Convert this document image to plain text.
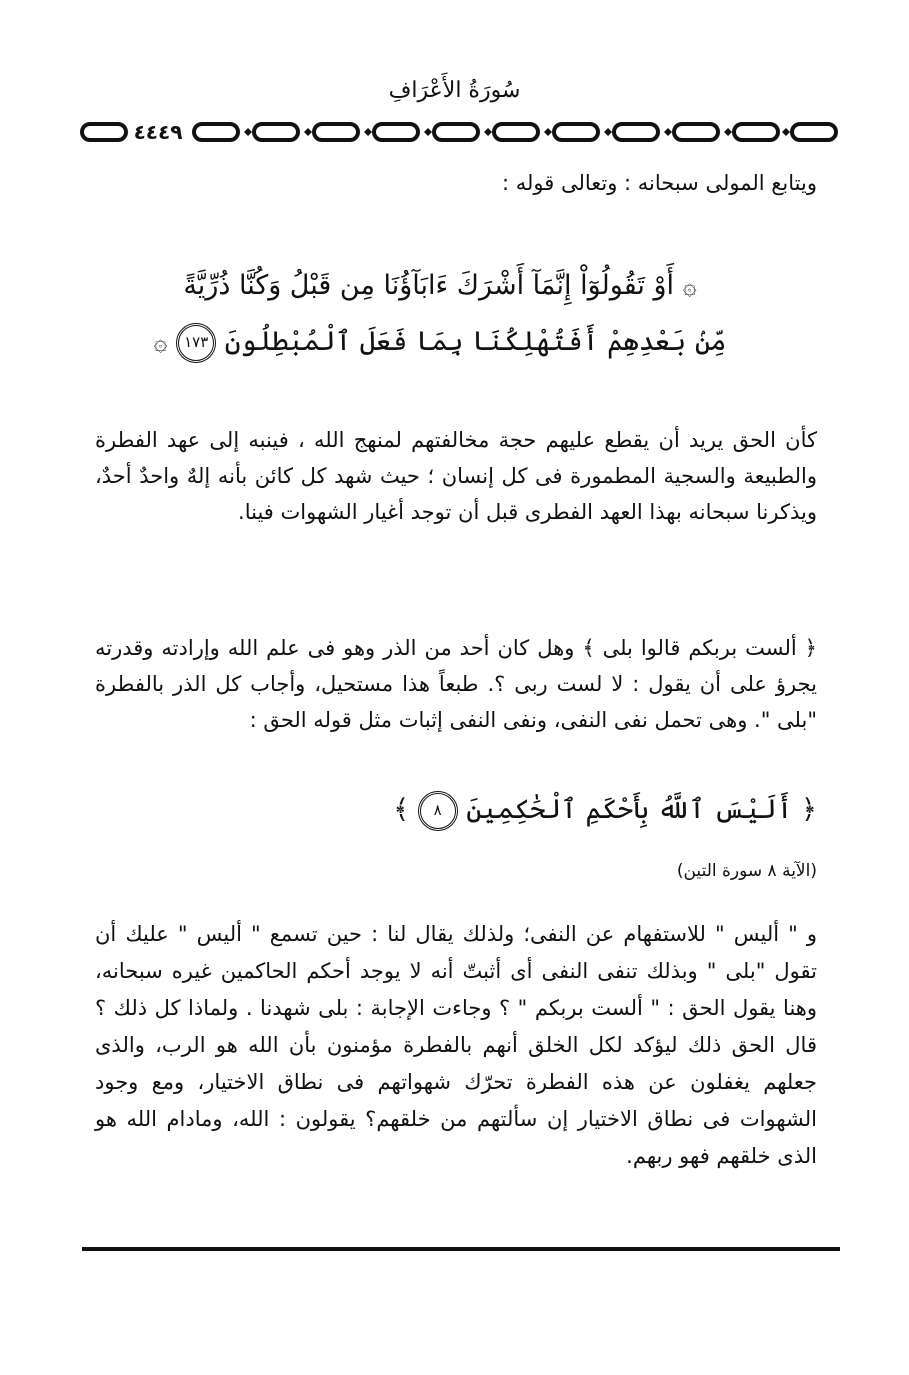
سُورَةُ الأَعْرَافِ
٤٤٤٩
ويتابع المولى سبحانه : وتعالى قوله :
۞ أَوْ تَقُولُوٓاْ إِنَّمَآ أَشْرَكَ ءَابَآؤُنَا مِن قَبْلُ وَكُنَّا ذُرِّيَّةً
مِّنۢ بَعْدِهِمْ أَفَتُهْلِكُنَا بِمَا فَعَلَ ٱلْمُبْطِلُونَ ١٧٣ ۞
كأن الحق يريد أن يقطع عليهم حجة مخالفتهم لمنهج الله ، فينبه إلى عهد الفطرة والطبيعة والسجية المطمورة فى كل إنسان ؛ حيث شهد كل كائن بأنه إلهٌ واحدٌ أحدٌ، ويذكرنا سبحانه بهذا العهد الفطرى قبل أن توجد أغيار الشهوات فينا.
﴿ ألست بربكم قالوا بلى ﴾ وهل كان أحد من الذر وهو فى علم الله وإرادته وقدرته يجرؤ على أن يقول : لا لست ربى ؟. طبعاً هذا مستحيل، وأجاب كل الذر بالفطرة "بلى ". وهى تحمل نفى النفى، ونفى النفى إثبات مثل قوله الحق :
﴿ أَلَيْسَ ٱللَّهُ بِأَحْكَمِ ٱلْحَٰكِمِينَ ٨ ﴾
(الآية ٨ سورة التين)
و " أليس " للاستفهام عن النفى؛ ولذلك يقال لنا : حين تسمع " أليس " عليك أن تقول "بلى " وبذلك تنفى النفى أى أثبتّ أنه لا يوجد أحكم الحاكمين غيره سبحانه، وهنا يقول الحق : " ألست بربكم " ؟ وجاءت الإجابة : بلى شهدنا . ولماذا كل ذلك ؟ قال الحق ذلك ليؤكد لكل الخلق أنهم بالفطرة مؤمنون بأن الله هو الرب، والذى جعلهم يغفلون عن هذه الفطرة تحرّك شهواتهم فى نطاق الاختيار، ومع وجود الشهوات فى نطاق الاختيار إن سألتهم من خلقهم؟ يقولون : الله، ومادام الله هو الذى خلقهم فهو ربهم.
